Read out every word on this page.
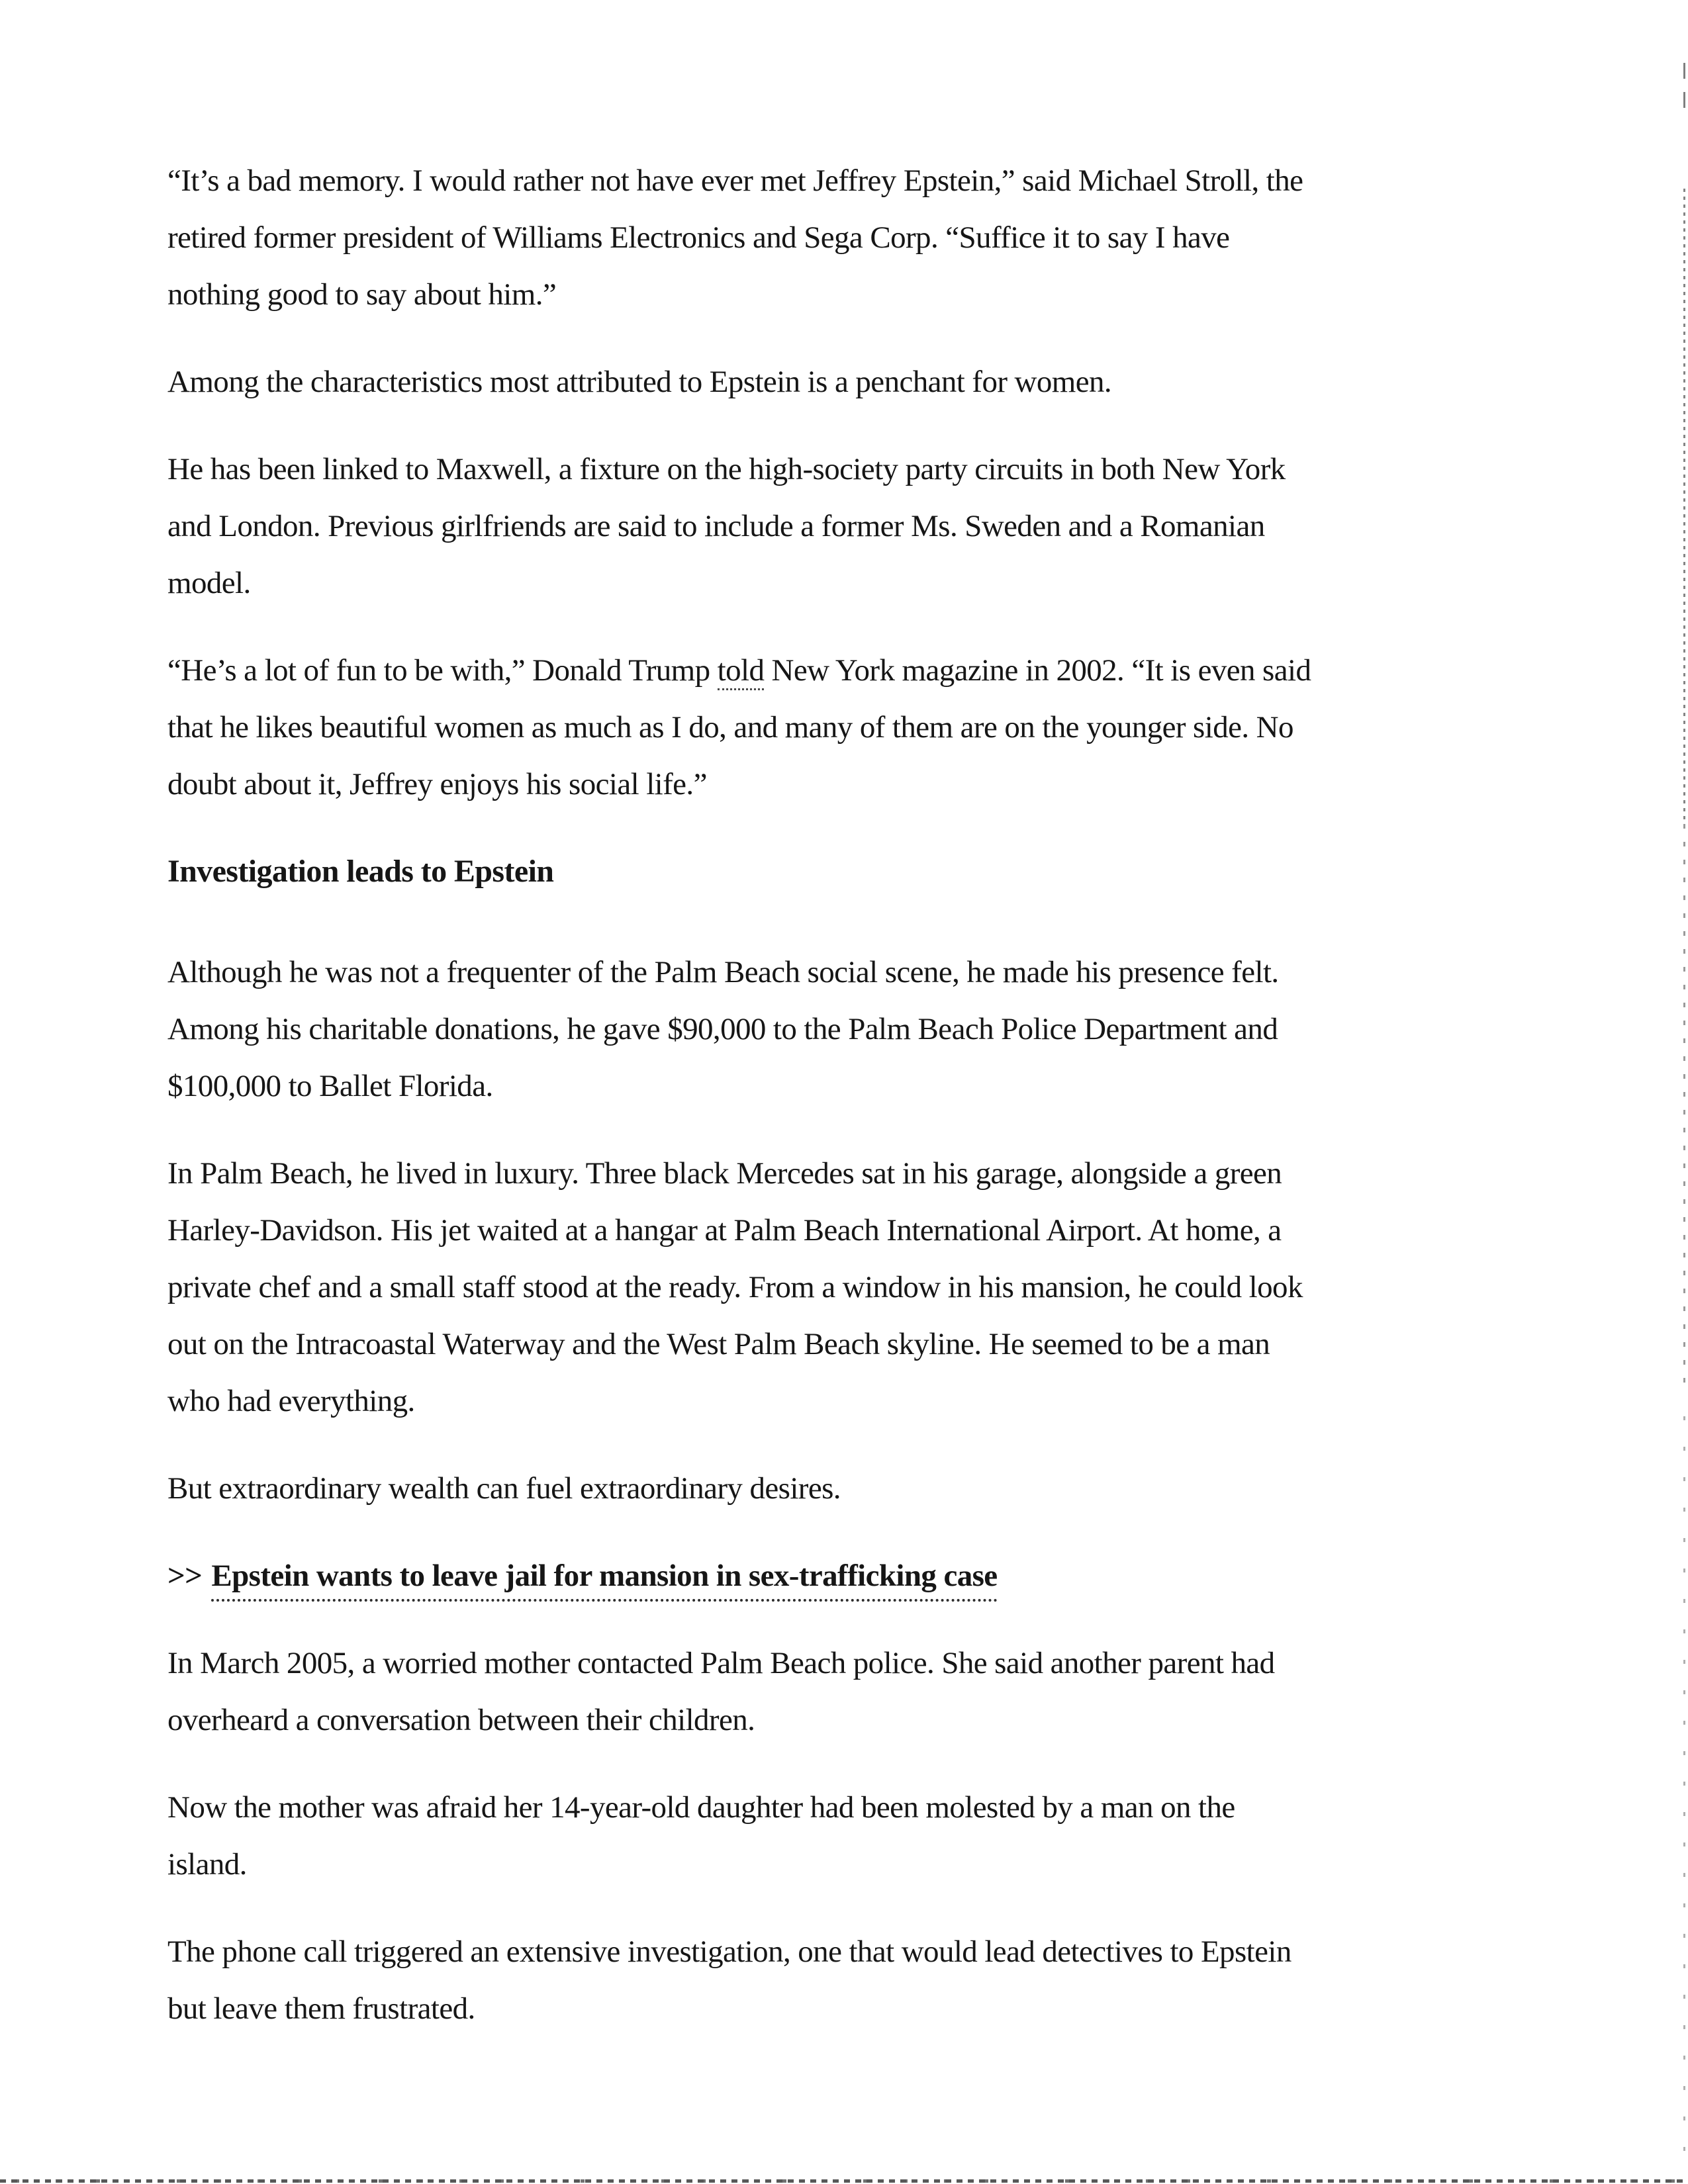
“It’s a bad memory. I would rather not have ever met Jeffrey Epstein,” said Michael Stroll, the
retired former president of Williams Electronics and Sega Corp. “Suffice it to say I have
nothing good to say about him.”

Among the characteristics most attributed to Epstein is a penchant for women.

He has been linked to Maxwell, a fixture on the high-society party circuits in both New York
and London. Previous girlfriends are said to include a former Ms. Sweden and a Romanian
model.

“He’s a lot of fun to be with,” Donald Trump told New York magazine in 2002. “It is even said
that he likes beautiful women as much as I do, and many of them are on the younger side. No
doubt about it, Jeffrey enjoys his social life.”

Investigation leads to Epstein

Although he was not a frequenter of the Palm Beach social scene, he made his presence felt.
Among his charitable donations, he gave $90,000 to the Palm Beach Police Department and
$100,000 to Ballet Florida.

In Palm Beach, he lived in luxury. Three black Mercedes sat in his garage, alongside a green
Harley-Davidson. His jet waited at a hangar at Palm Beach International Airport. At home, a
private chef and a small staff stood at the ready. From a window in his mansion, he could look
out on the Intracoastal Waterway and the West Palm Beach skyline. He seemed to be a man
who had everything.

But extraordinary wealth can fuel extraordinary desires.

>> Epstein wants to leave jail for mansion in sex-trafficking case

In March 2005, a worried mother contacted Palm Beach police. She said another parent had
overheard a conversation between their children.

Now the mother was afraid her 14-year-old daughter had been molested by a man on the
island.

The phone call triggered an extensive investigation, one that would lead detectives to Epstein
but leave them frustrated.
